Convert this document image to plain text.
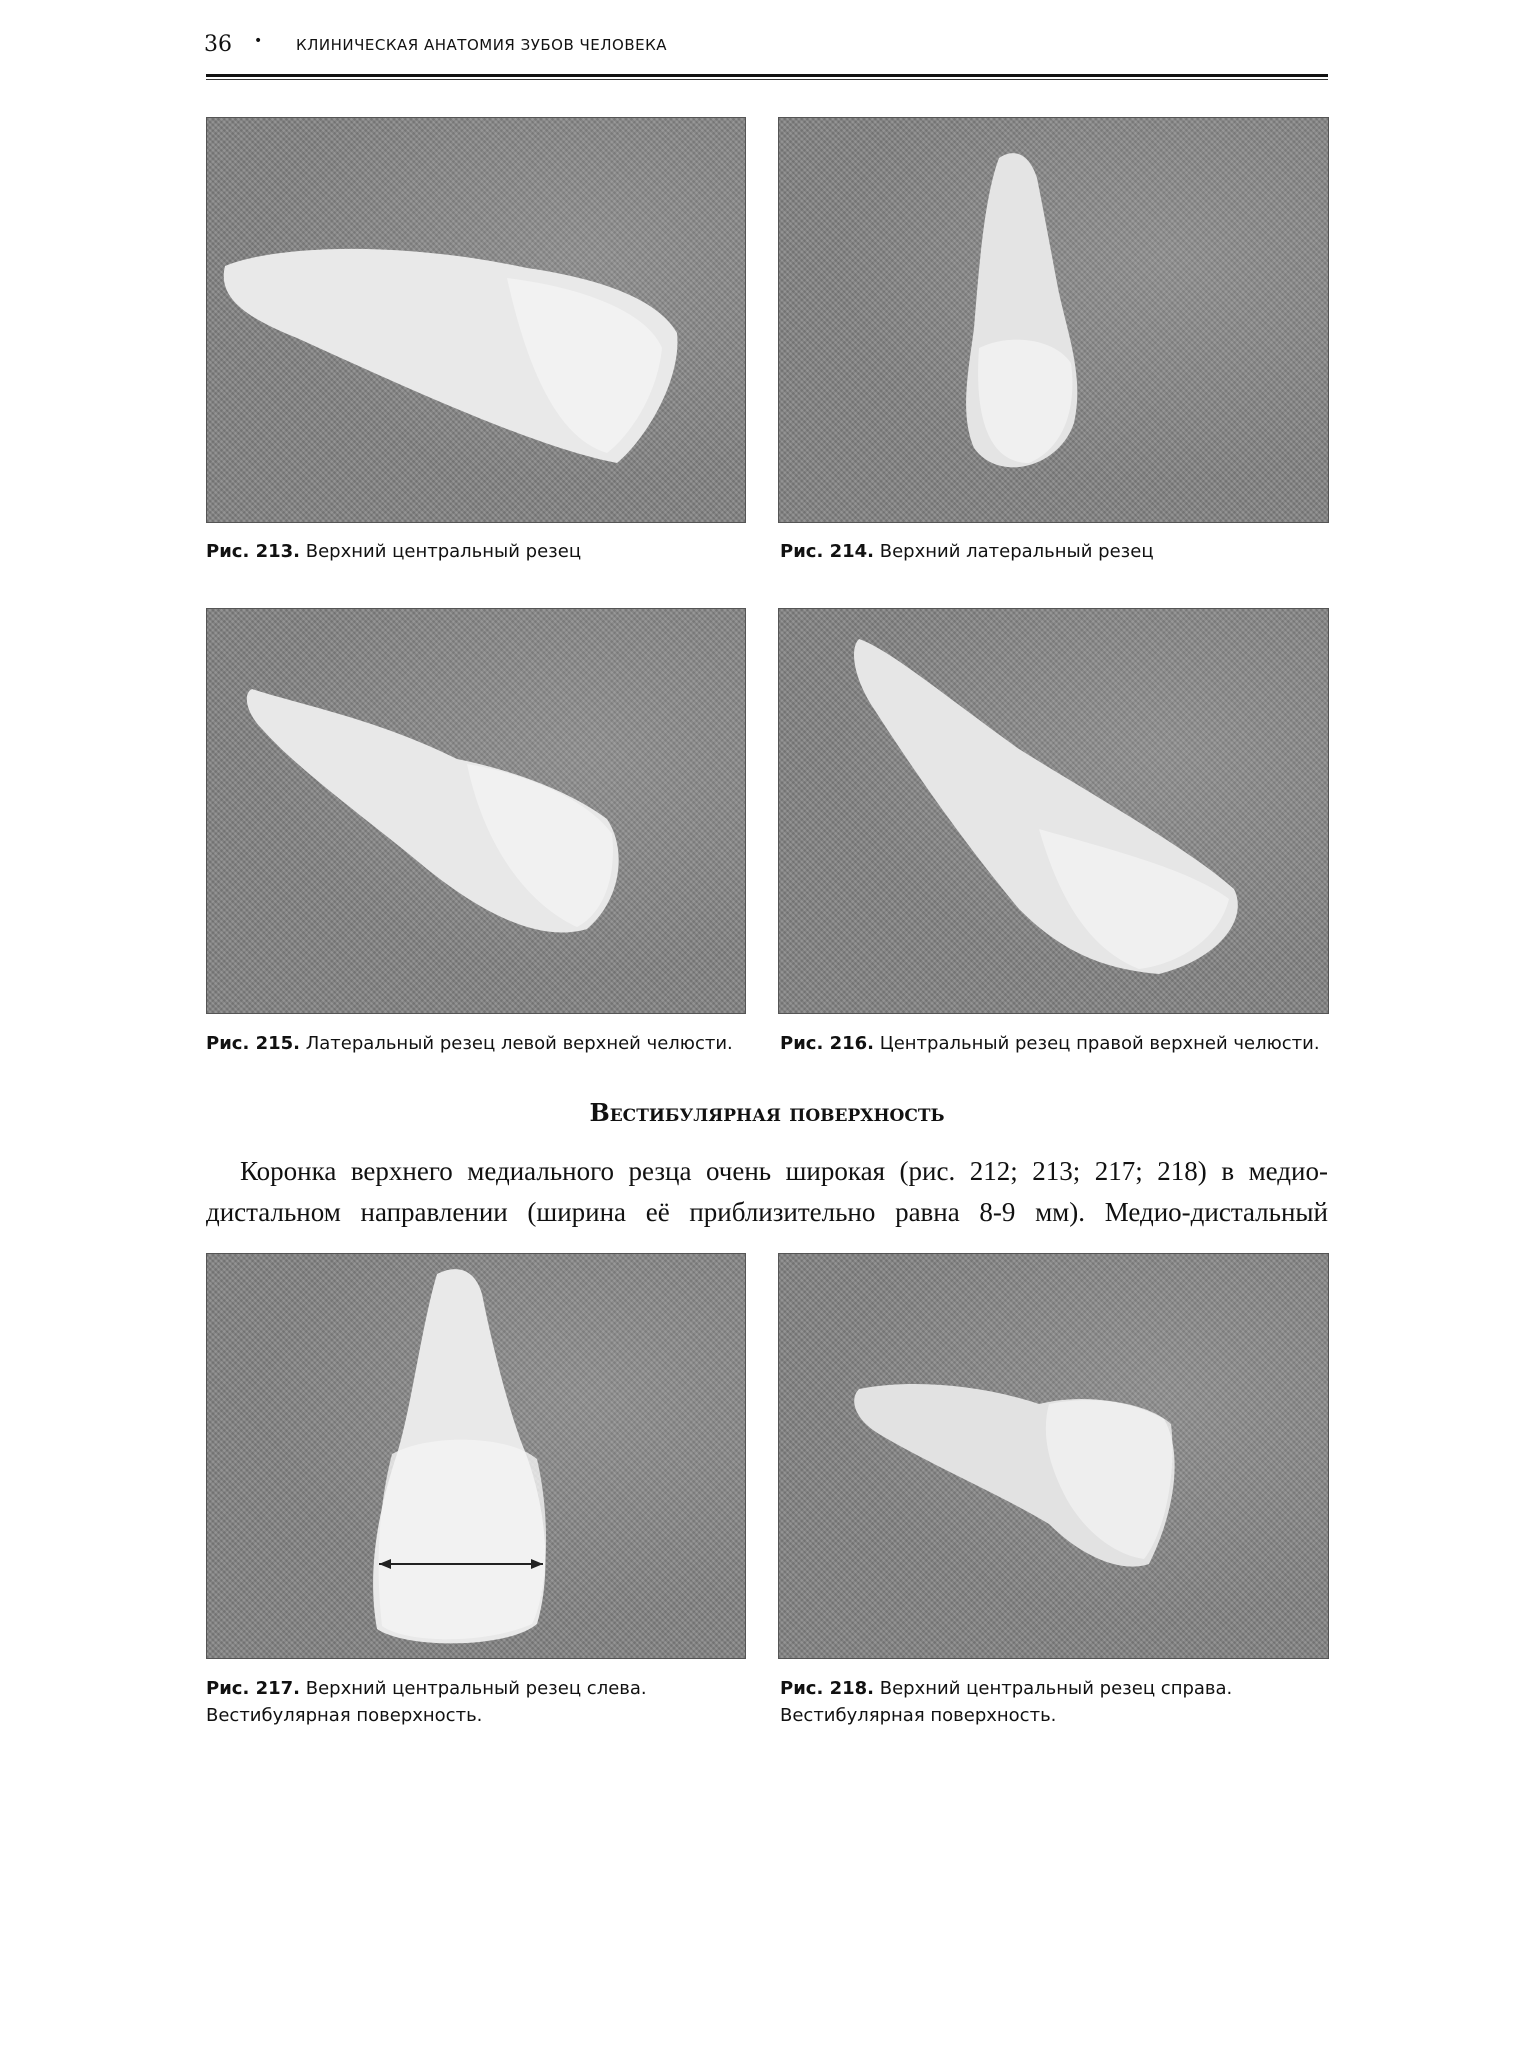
36 • КЛИНИЧЕСКАЯ АНАТОМИЯ ЗУБОВ ЧЕЛОВЕКА
Рис. 213. Верхний центральный резец	Рис. 214. Верхний латеральный резец
Рис. 215. Латеральный резец левой верхней челюсти.	Рис. 216. Центральный резец правой верхней челюсти.
Вестибулярная поверхность
Коронка верхнего медиального резца очень широкая (рис. 212; 213; 217; 218) в медио-дистальном направлении (ширина её приблизительно равна 8-9 мм). Медио-дистальный
Рис. 217. Верхний центральный резец слева. Вестибулярная поверхность.
Рис. 218. Верхний центральный резец справа. Вестибулярная поверхность.
